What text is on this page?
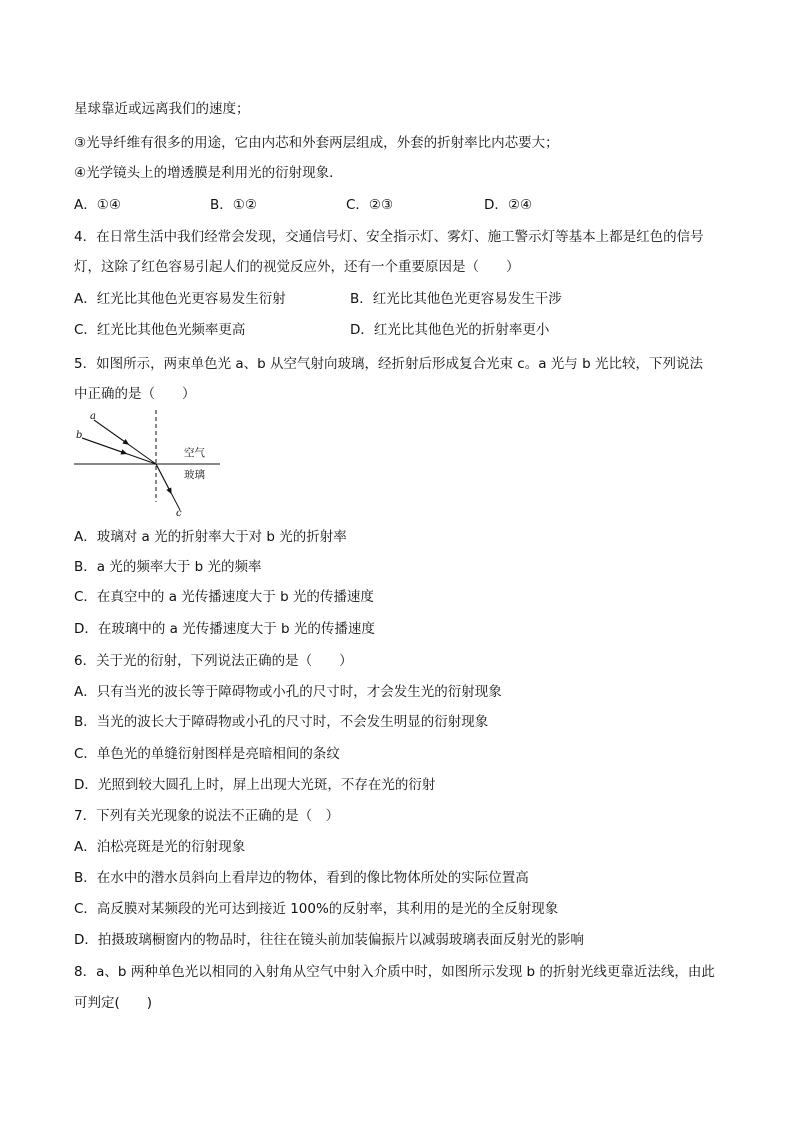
星球靠近或远离我们的速度；
③光导纤维有很多的用途，它由内芯和外套两层组成，外套的折射率比内芯要大；
④光学镜头上的增透膜是利用光的衍射现象．
A．①④	B．①②	C．②③	D．②④
4．在日常生活中我们经常会发现，交通信号灯、安全指示灯、雾灯、施工警示灯等基本上都是红色的信号
灯，这除了红色容易引起人们的视觉反应外，还有一个重要原因是（　　）
A．红光比其他色光更容易发生衍射	B．红光比其他色光更容易发生干涉
C．红光比其他色光频率更高	D．红光比其他色光的折射率更小
5．如图所示，两束单色光 a、b 从空气射向玻璃，经折射后形成复合光束 c。a 光与 b 光比较，下列说法
中正确的是（　　）
a
b
c
空气
玻璃
A．玻璃对 a 光的折射率大于对 b 光的折射率
B．a 光的频率大于 b 光的频率
C．在真空中的 a 光传播速度大于 b 光的传播速度
D．在玻璃中的 a 光传播速度大于 b 光的传播速度
6．关于光的衍射，下列说法正确的是（　　）
A．只有当光的波长等于障碍物或小孔的尺寸时，才会发生光的衍射现象
B．当光的波长大于障碍物或小孔的尺寸时，不会发生明显的衍射现象
C．单色光的单缝衍射图样是亮暗相间的条纹
D．光照到较大圆孔上时，屏上出现大光斑，不存在光的衍射
7．下列有关光现象的说法不正确的是（　）
A．泊松亮斑是光的衍射现象
B．在水中的潜水员斜向上看岸边的物体，看到的像比物体所处的实际位置高
C．高反膜对某频段的光可达到接近 100%的反射率，其利用的是光的全反射现象
D．拍摄玻璃橱窗内的物品时，往往在镜头前加装偏振片以减弱玻璃表面反射光的影响
8．a、b 两种单色光以相同的入射角从空气中射入介质中时，如图所示发现 b 的折射光线更靠近法线，由此
可判定(　　)
